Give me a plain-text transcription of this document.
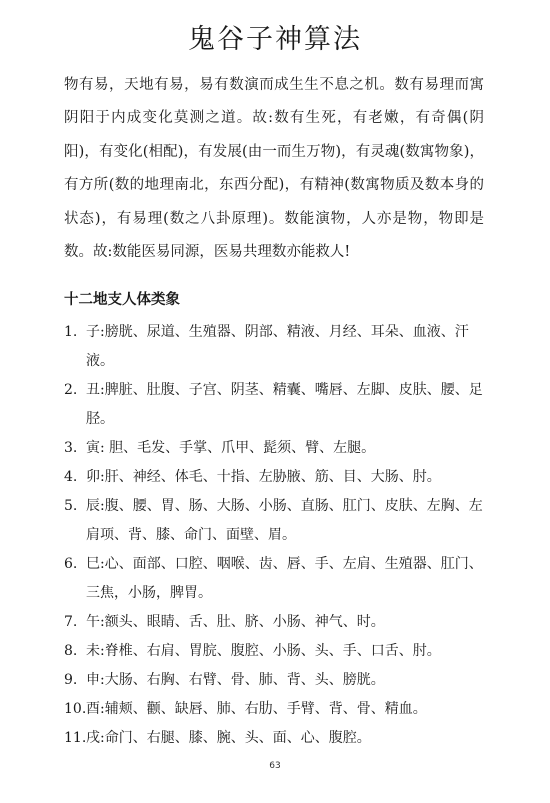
鬼谷子神算法
物有易，天地有易，易有数演而成生生不息之机。数有易理而寓阴阳于内成变化莫测之道。故:数有生死，有老嫩，有奇偶(阴阳)，有变化(相配)，有发展(由一而生万物)，有灵魂(数寓物象)，有方所(数的地理南北，东西分配)，有精神(数寓物质及数本身的状态)，有易理(数之八卦原理)。数能演物，人亦是物，物即是数。故:数能医易同源，医易共理数亦能救人!
十二地支人体类象
1. 子:膀胱、尿道、生殖器、阴部、精液、月经、耳朵、血液、汗液。
2. 丑:脾脏、肚腹、子宫、阴茎、精囊、嘴唇、左脚、皮肤、腰、足胫。
3. 寅: 胆、毛发、手掌、爪甲、髭须、臂、左腿。
4. 卯:肝、神经、体毛、十指、左胁腋、筋、目、大肠、肘。
5. 辰:腹、腰、胃、肠、大肠、小肠、直肠、肛门、皮肤、左胸、左肩项、背、膝、命门、面壁、眉。
6. 巳:心、面部、口腔、咽喉、齿、唇、手、左肩、生殖器、肛门、三焦，小肠，脾胃。
7. 午:额头、眼睛、舌、肚、脐、小肠、神气、时。
8. 未:脊椎、右肩、胃脘、腹腔、小肠、头、手、口舌、肘。
9. 申:大肠、右胸、右臂、骨、肺、背、头、膀胱。
10. 酉:辅颊、颧、缺唇、肺、右肋、手臂、背、骨、精血。
11. 戌:命门、右腿、膝、腕、头、面、心、腹腔。
63
